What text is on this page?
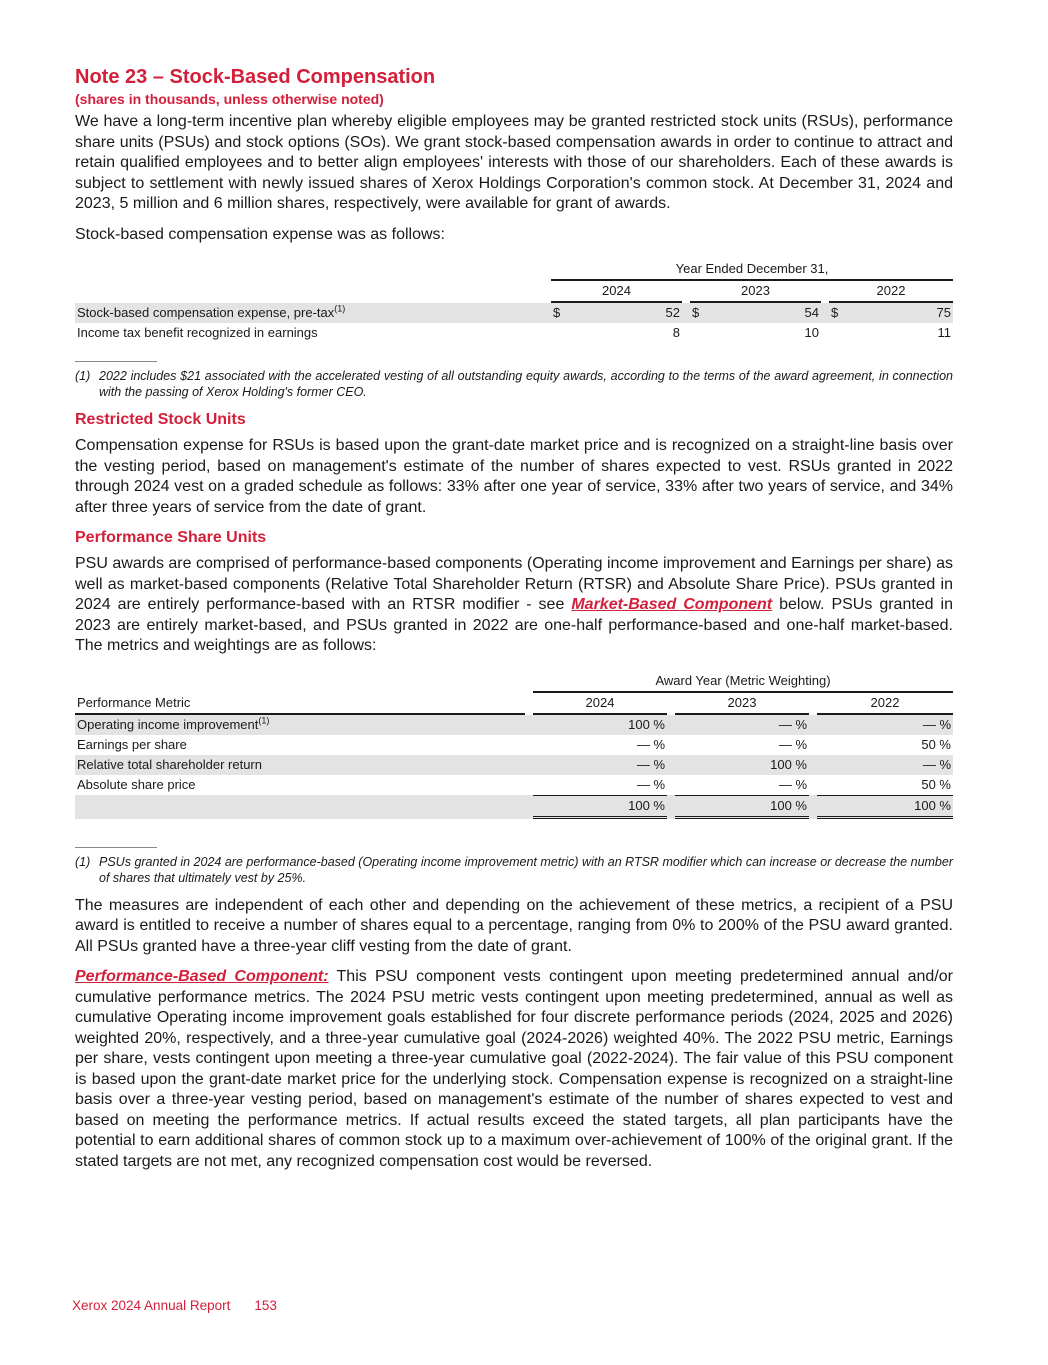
Note 23 – Stock-Based Compensation
(shares in thousands, unless otherwise noted)

We have a long-term incentive plan whereby eligible employees may be granted restricted stock units (RSUs), performance share units (PSUs) and stock options (SOs). We grant stock-based compensation awards in order to continue to attract and retain qualified employees and to better align employees' interests with those of our shareholders. Each of these awards is subject to settlement with newly issued shares of Xerox Holdings Corporation's common stock. At December 31, 2024 and 2023, 5 million and 6 million shares, respectively, were available for grant of awards.

Stock-based compensation expense was as follows:

		Year Ended December 31,							
		2024			2023			2022	
Stock-based compensation expense, pre-tax$^{(1)}$		$	52		$	54		$	75
Income tax benefit recognized in earnings			8			10			11
(1) 2022 includes $21 associated with the accelerated vesting of all outstanding equity awards, according to the terms of the award agreement, in connection with the passing of Xerox Holding's former CEO.
Restricted Stock Units

Compensation expense for RSUs is based upon the grant-date market price and is recognized on a straight-line basis over the vesting period, based on management's estimate of the number of shares expected to vest. RSUs granted in 2022 through 2024 vest on a graded schedule as follows: 33% after one year of service, 33% after two years of service, and 34% after three years of service from the date of grant.

Performance Share Units

PSU awards are comprised of performance-based components (Operating income improvement and Earnings per share) as well as market-based components (Relative Total Shareholder Return (RTSR) and Absolute Share Price). PSUs granted in 2024 are entirely performance-based with an RTSR modifier - see Market-Based Component below. PSUs granted in 2023 are entirely market-based, and PSUs granted in 2022 are one-half performance-based and one-half market-based. The metrics and weightings are as follows:

		Award Year (Metric Weighting)				
Performance Metric		2024		2023		2022
Operating income improvement$^{(1)}$		100 %		— %		— %
Earnings per share		— %		— %		50 %
Relative total shareholder return		— %		100 %		— %
Absolute share price		— %		— %		50 %
		100 %		100 %		100 %
(1) PSUs granted in 2024 are performance-based (Operating income improvement metric) with an RTSR modifier which can increase or decrease the number of shares that ultimately vest by 25%.

The measures are independent of each other and depending on the achievement of these metrics, a recipient of a PSU award is entitled to receive a number of shares equal to a percentage, ranging from 0% to 200% of the PSU award granted. All PSUs granted have a three-year cliff vesting from the date of grant.

Performance-Based Component: This PSU component vests contingent upon meeting predetermined annual and/or cumulative performance metrics. The 2024 PSU metric vests contingent upon meeting predetermined, annual as well as cumulative Operating income improvement goals established for four discrete performance periods (2024, 2025 and 2026) weighted 20%, respectively, and a three-year cumulative goal (2024-2026) weighted 40%. The 2022 PSU metric, Earnings per share, vests contingent upon meeting a three-year cumulative goal (2022-2024). The fair value of this PSU component is based upon the grant-date market price for the underlying stock. Compensation expense is recognized on a straight-line basis over a three-year vesting period, based on management's estimate of the number of shares expected to vest and based on meeting the performance metrics. If actual results exceed the stated targets, all plan participants have the potential to earn additional shares of common stock up to a maximum over-achievement of 100% of the original grant. If the stated targets are not met, any recognized compensation cost would be reversed.

Xerox 2024 Annual Report 153
